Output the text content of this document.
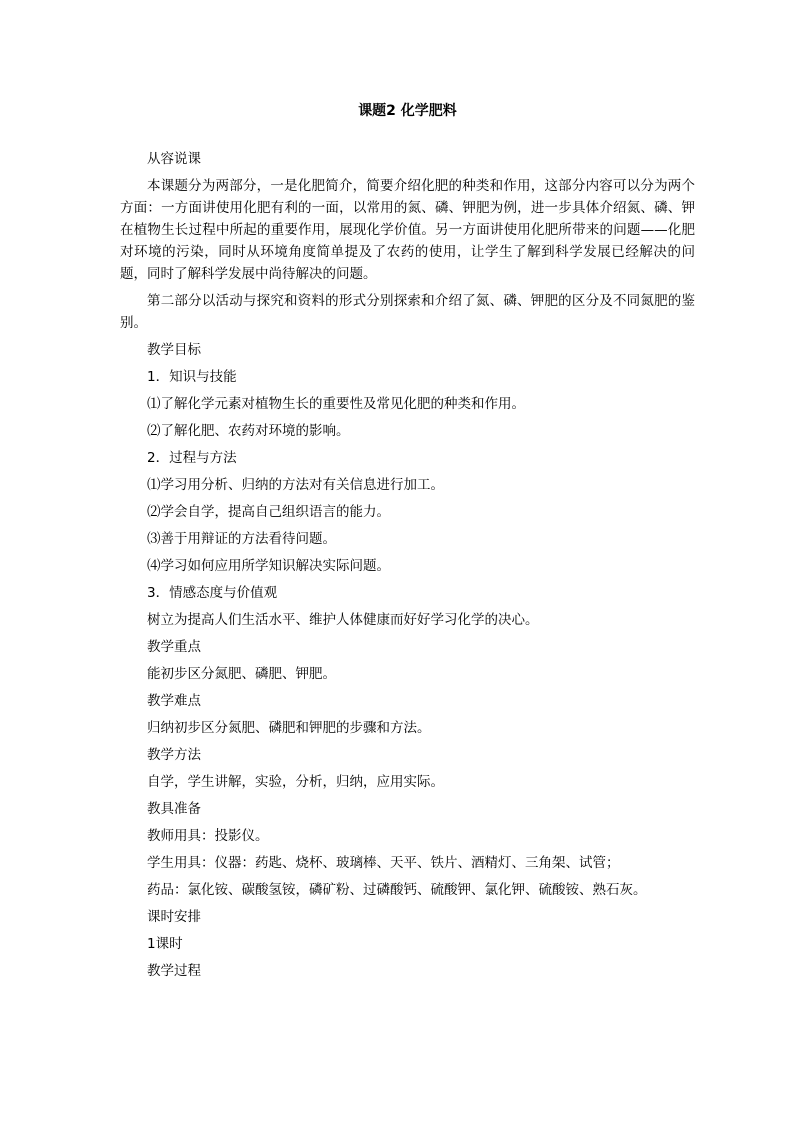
课题2 化学肥料
从容说课
本课题分为两部分，一是化肥简介，简要介绍化肥的种类和作用，这部分内容可以分为两个方面：一方面讲使用化肥有利的一面，以常用的氮、磷、钾肥为例，进一步具体介绍氮、磷、钾在植物生长过程中所起的重要作用，展现化学价值。另一方面讲使用化肥所带来的问题——化肥对环境的污染，同时从环境角度简单提及了农药的使用，让学生了解到科学发展已经解决的问题，同时了解科学发展中尚待解决的问题。
第二部分以活动与探究和资料的形式分别探索和介绍了氮、磷、钾肥的区分及不同氮肥的鉴别。
教学目标
1．知识与技能
⑴了解化学元素对植物生长的重要性及常见化肥的种类和作用。
⑵了解化肥、农药对环境的影响。
2．过程与方法
⑴学习用分析、归纳的方法对有关信息进行加工。
⑵学会自学，提高自己组织语言的能力。
⑶善于用辩证的方法看待问题。
⑷学习如何应用所学知识解决实际问题。
3．情感态度与价值观
树立为提高人们生活水平、维护人体健康而好好学习化学的决心。
教学重点
能初步区分氮肥、磷肥、钾肥。
教学难点
归纳初步区分氮肥、磷肥和钾肥的步骤和方法。
教学方法
自学，学生讲解，实验，分析，归纳，应用实际。
教具准备
教师用具：投影仪。
学生用具：仪器：药匙、烧杯、玻璃棒、天平、铁片、酒精灯、三角架、试管；
药品：氯化铵、碳酸氢铵，磷矿粉、过磷酸钙、硫酸钾、氯化钾、硫酸铵、熟石灰。
课时安排
1课时
教学过程
